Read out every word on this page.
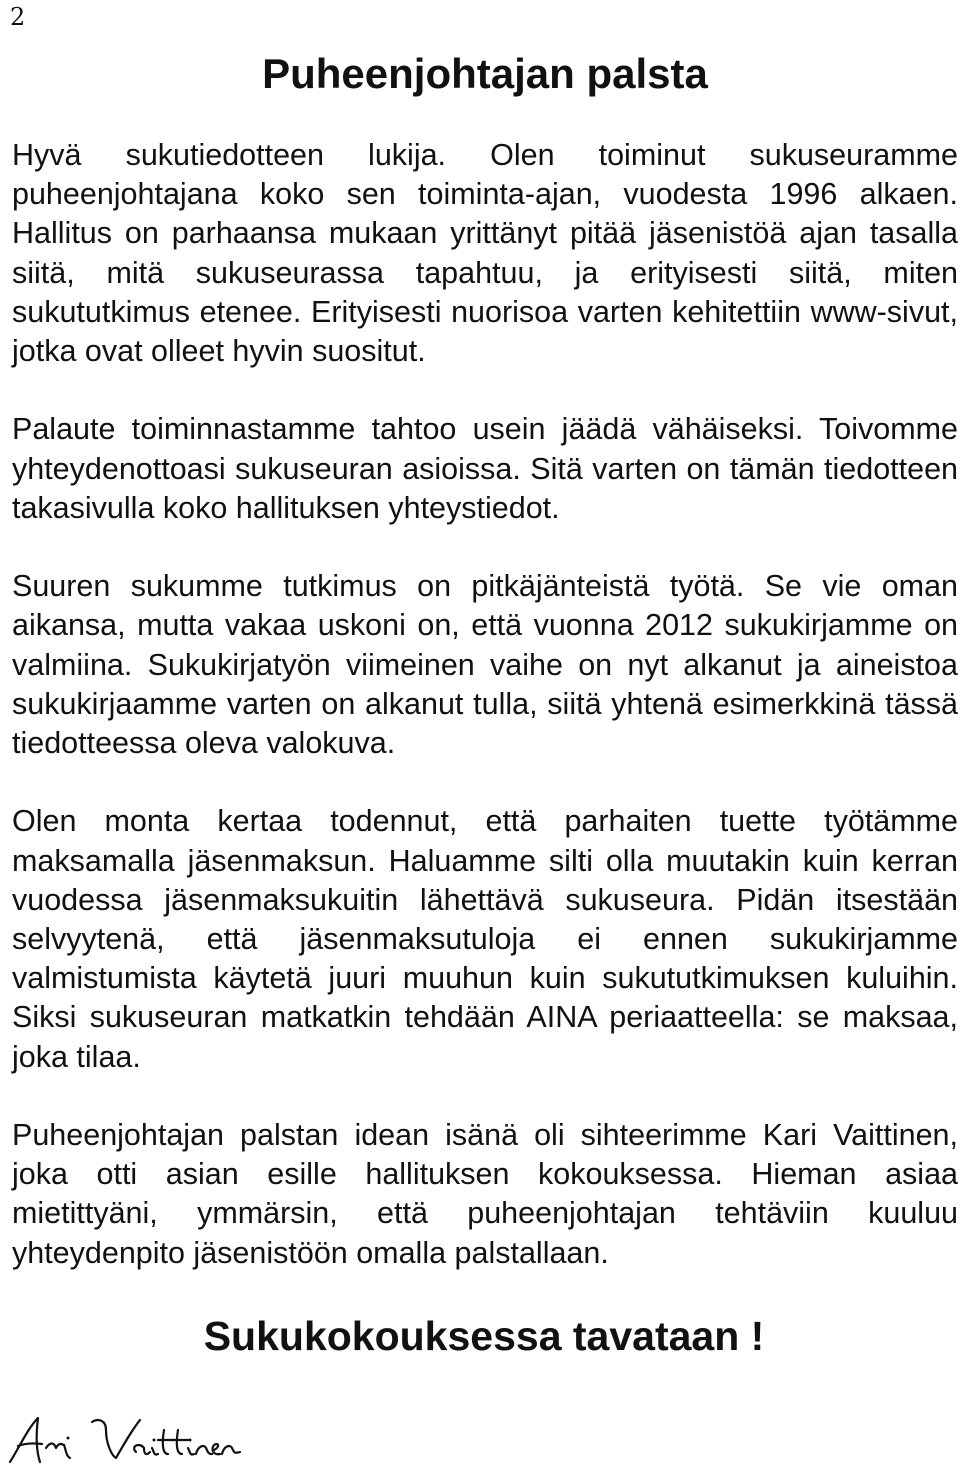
2
Puheenjohtajan palsta

Hyvä sukutiedotteen lukija. Olen toiminut sukuseuramme puheenjohtajana koko sen toiminta-ajan, vuodesta 1996 alkaen. Hallitus on parhaansa mukaan yrittänyt pitää jäsenistöä ajan tasalla siitä, mitä sukuseurassa tapahtuu, ja erityisesti siitä, miten sukututkimus etenee. Erityisesti nuorisoa varten kehitettiin www-sivut, jotka ovat olleet hyvin suositut.

Palaute toiminnastamme tahtoo usein jäädä vähäiseksi. Toivomme yhteydenottoasi sukuseuran asioissa. Sitä varten on tämän tiedotteen takasivulla koko hallituksen yhteystiedot.

Suuren sukumme tutkimus on pitkäjänteistä työtä. Se vie oman aikansa, mutta vakaa uskoni on, että vuonna 2012 sukukirjamme on valmiina. Sukukirjatyön viimeinen vaihe on nyt alkanut ja aineistoa sukukirjaamme varten on alkanut tulla, siitä yhtenä esimerkkinä tässä tiedotteessa oleva valokuva.

Olen monta kertaa todennut, että parhaiten tuette työtämme maksamalla jäsenmaksun. Haluamme silti olla muutakin kuin kerran vuodessa jäsenmaksukuitin lähettävä sukuseura. Pidän itsestään selvyytenä, että jäsenmaksutuloja ei ennen sukukirjamme valmistumista käytetä juuri muuhun kuin sukututkimuksen kuluihin. Siksi sukuseuran matkatkin tehdään AINA periaatteella: se maksaa, joka tilaa.

Puheenjohtajan palstan idean isänä oli sihteerimme Kari Vaittinen, joka otti asian esille hallituksen kokouksessa. Hieman asiaa mietittyäni, ymmärsin, että puheenjohtajan tehtäviin kuuluu yhteydenpito jäsenistöön omalla palstallaan.

Sukukokouksessa tavataan !
